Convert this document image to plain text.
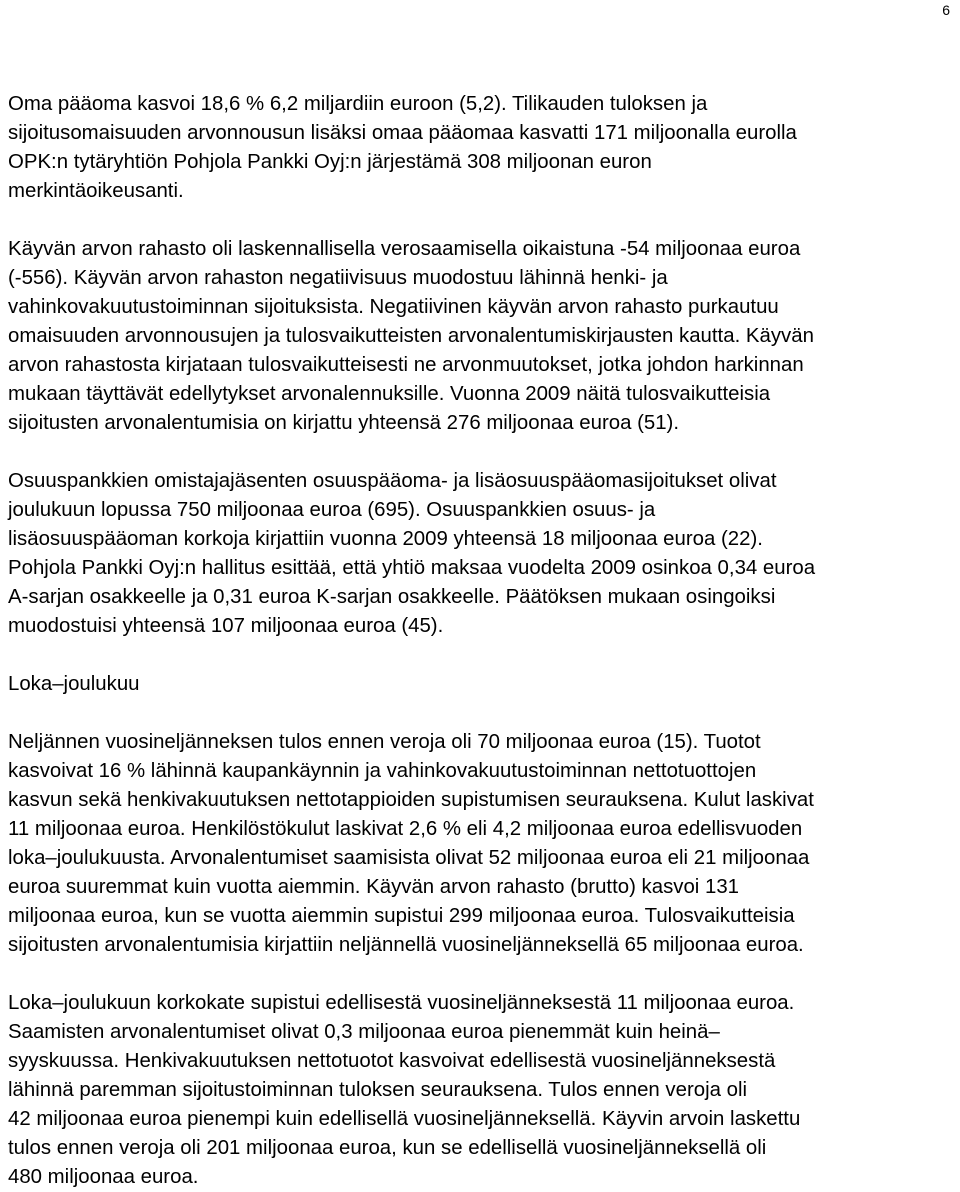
6

Oma pääoma kasvoi 18,6 % 6,2 miljardiin euroon (5,2). Tilikauden tuloksen ja
sijoitusomaisuuden arvonnousun lisäksi omaa pääomaa kasvatti 171 miljoonalla eurolla
OPK:n tytäryhtiön Pohjola Pankki Oyj:n järjestämä 308 miljoonan euron
merkintäoikeusanti.

Käyvän arvon rahasto oli laskennallisella verosaamisella oikaistuna -54 miljoonaa euroa
(-556). Käyvän arvon rahaston negatiivisuus muodostuu lähinnä henki- ja
vahinkovakuutustoiminnan sijoituksista. Negatiivinen käyvän arvon rahasto purkautuu
omaisuuden arvonnousujen ja tulosvaikutteisten arvonalentumiskirjausten kautta. Käyvän
arvon rahastosta kirjataan tulosvaikutteisesti ne arvonmuutokset, jotka johdon harkinnan
mukaan täyttävät edellytykset arvonalennuksille. Vuonna 2009 näitä tulosvaikutteisia
sijoitusten arvonalentumisia on kirjattu yhteensä 276 miljoonaa euroa (51).

Osuuspankkien omistajajäsenten osuuspääoma- ja lisäosuuspääomasijoitukset olivat
joulukuun lopussa 750 miljoonaa euroa (695). Osuuspankkien osuus- ja
lisäosuuspääoman korkoja kirjattiin vuonna 2009 yhteensä 18 miljoonaa euroa (22).
Pohjola Pankki Oyj:n hallitus esittää, että yhtiö maksaa vuodelta 2009 osinkoa 0,34 euroa
A-sarjan osakkeelle ja 0,31 euroa K-sarjan osakkeelle. Päätöksen mukaan osingoiksi
muodostuisi yhteensä 107 miljoonaa euroa (45).

Loka–joulukuu

Neljännen vuosineljänneksen tulos ennen veroja oli 70 miljoonaa euroa (15). Tuotot
kasvoivat 16 % lähinnä kaupankäynnin ja vahinkovakuutustoiminnan nettotuottojen
kasvun sekä henkivakuutuksen nettotappioiden supistumisen seurauksena. Kulut laskivat
11 miljoonaa euroa. Henkilöstökulut laskivat 2,6 % eli 4,2 miljoonaa euroa edellisvuoden
loka–joulukuusta. Arvonalentumiset saamisista olivat 52 miljoonaa euroa eli 21 miljoonaa
euroa suuremmat kuin vuotta aiemmin. Käyvän arvon rahasto (brutto) kasvoi 131
miljoonaa euroa, kun se vuotta aiemmin supistui 299 miljoonaa euroa. Tulosvaikutteisia
sijoitusten arvonalentumisia kirjattiin neljännellä vuosineljänneksellä 65 miljoonaa euroa.

Loka–joulukuun korkokate supistui edellisestä vuosineljänneksestä 11 miljoonaa euroa.
Saamisten arvonalentumiset olivat 0,3 miljoonaa euroa pienemmät kuin heinä–
syyskuussa. Henkivakuutuksen nettotuotot kasvoivat edellisestä vuosineljänneksestä
lähinnä paremman sijoitustoiminnan tuloksen seurauksena. Tulos ennen veroja oli
42 miljoonaa euroa pienempi kuin edellisellä vuosineljänneksellä. Käyvin arvoin laskettu
tulos ennen veroja oli 201 miljoonaa euroa, kun se edellisellä vuosineljänneksellä oli
480 miljoonaa euroa.
